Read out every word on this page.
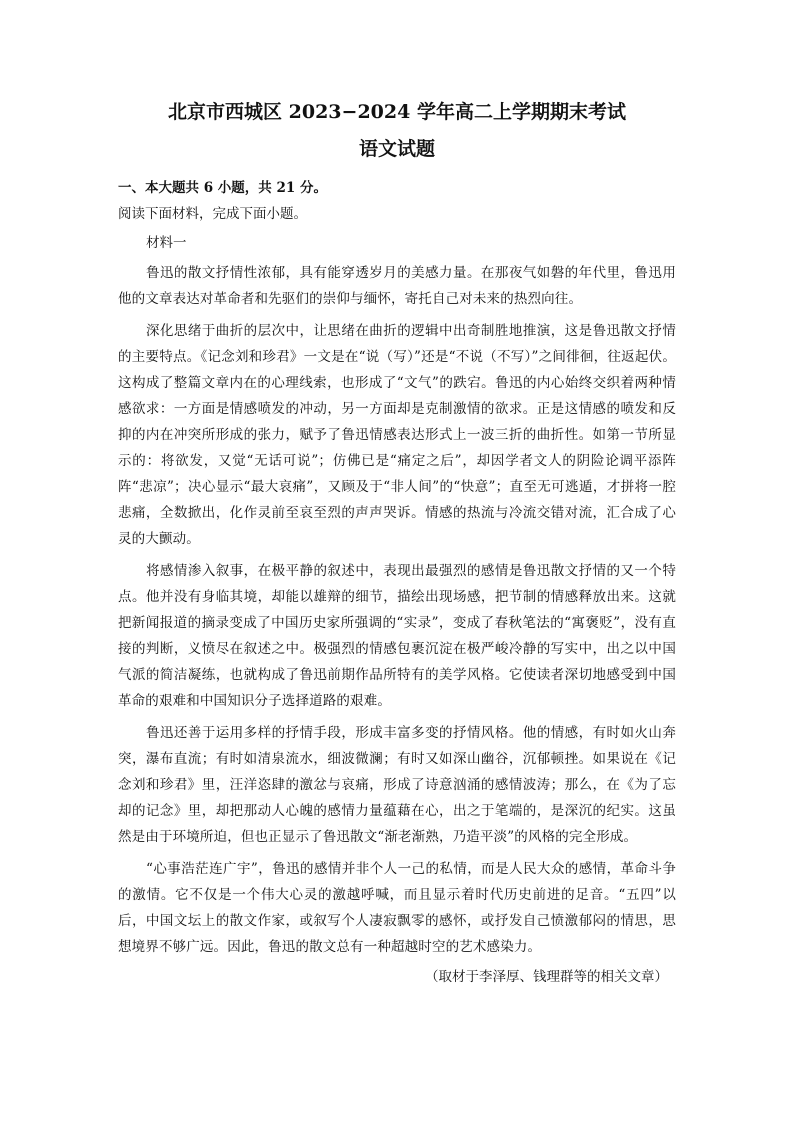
北京市西城区 2023−2024 学年高二上学期期末考试
语文试题

一、本大题共 6 小题，共 21 分。

阅读下面材料，完成下面小题。

材料一

鲁迅的散文抒情性浓郁，具有能穿透岁月的美感力量。在那夜气如磐的年代里，鲁迅用他的文章表达对革命者和先驱们的崇仰与缅怀，寄托自己对未来的热烈向往。

深化思绪于曲折的层次中，让思绪在曲折的逻辑中出奇制胜地推演，这是鲁迅散文抒情的主要特点。《记念刘和珍君》一文是在“说（写）”还是“不说（不写）”之间徘徊，往返起伏。这构成了整篇文章内在的心理线索，也形成了“文气”的跌宕。鲁迅的内心始终交织着两种情感欲求：一方面是情感喷发的冲动，另一方面却是克制激情的欲求。正是这情感的喷发和反抑的内在冲突所形成的张力，赋予了鲁迅情感表达形式上一波三折的曲折性。如第一节所显示的：将欲发，又觉“无话可说”；仿佛已是“痛定之后”，却因学者文人的阴险论调平添阵阵“悲凉”；决心显示“最大哀痛”，又顾及于“非人间”的“快意”；直至无可逃遁，才拼将一腔悲痛，全数掀出，化作灵前至哀至烈的声声哭诉。情感的热流与冷流交错对流，汇合成了心灵的大颤动。

将感情渗入叙事，在极平静的叙述中，表现出最强烈的感情是鲁迅散文抒情的又一个特点。他并没有身临其境，却能以雄辩的细节，描绘出现场感，把节制的情感释放出来。这就把新闻报道的摘录变成了中国历史家所强调的“实录”，变成了春秋笔法的“寓褒贬”，没有直接的判断，义愤尽在叙述之中。极强烈的情感包裹沉淀在极严峻冷静的写实中，出之以中国气派的简洁凝练，也就构成了鲁迅前期作品所特有的美学风格。它使读者深切地感受到中国革命的艰难和中国知识分子选择道路的艰难。

鲁迅还善于运用多样的抒情手段，形成丰富多变的抒情风格。他的情感，有时如火山奔突，瀑布直流；有时如清泉流水，细波微澜；有时又如深山幽谷，沉郁顿挫。如果说在《记念刘和珍君》里，汪洋恣肆的激忿与哀痛，形成了诗意汹涌的感情波涛；那么，在《为了忘却的记念》里，却把那动人心魄的感情力量蕴藉在心，出之于笔端的，是深沉的纪实。这虽然是由于环境所迫，但也正显示了鲁迅散文“渐老渐熟，乃造平淡”的风格的完全形成。

“心事浩茫连广宇”，鲁迅的感情并非个人一己的私情，而是人民大众的感情，革命斗争的激情。它不仅是一个伟大心灵的激越呼喊，而且显示着时代历史前进的足音。“五四”以后，中国文坛上的散文作家，或叙写个人凄寂飘零的感怀，或抒发自己愤激郁闷的情思，思想境界不够广远。因此，鲁迅的散文总有一种超越时空的艺术感染力。

（取材于李泽厚、钱理群等的相关文章）
